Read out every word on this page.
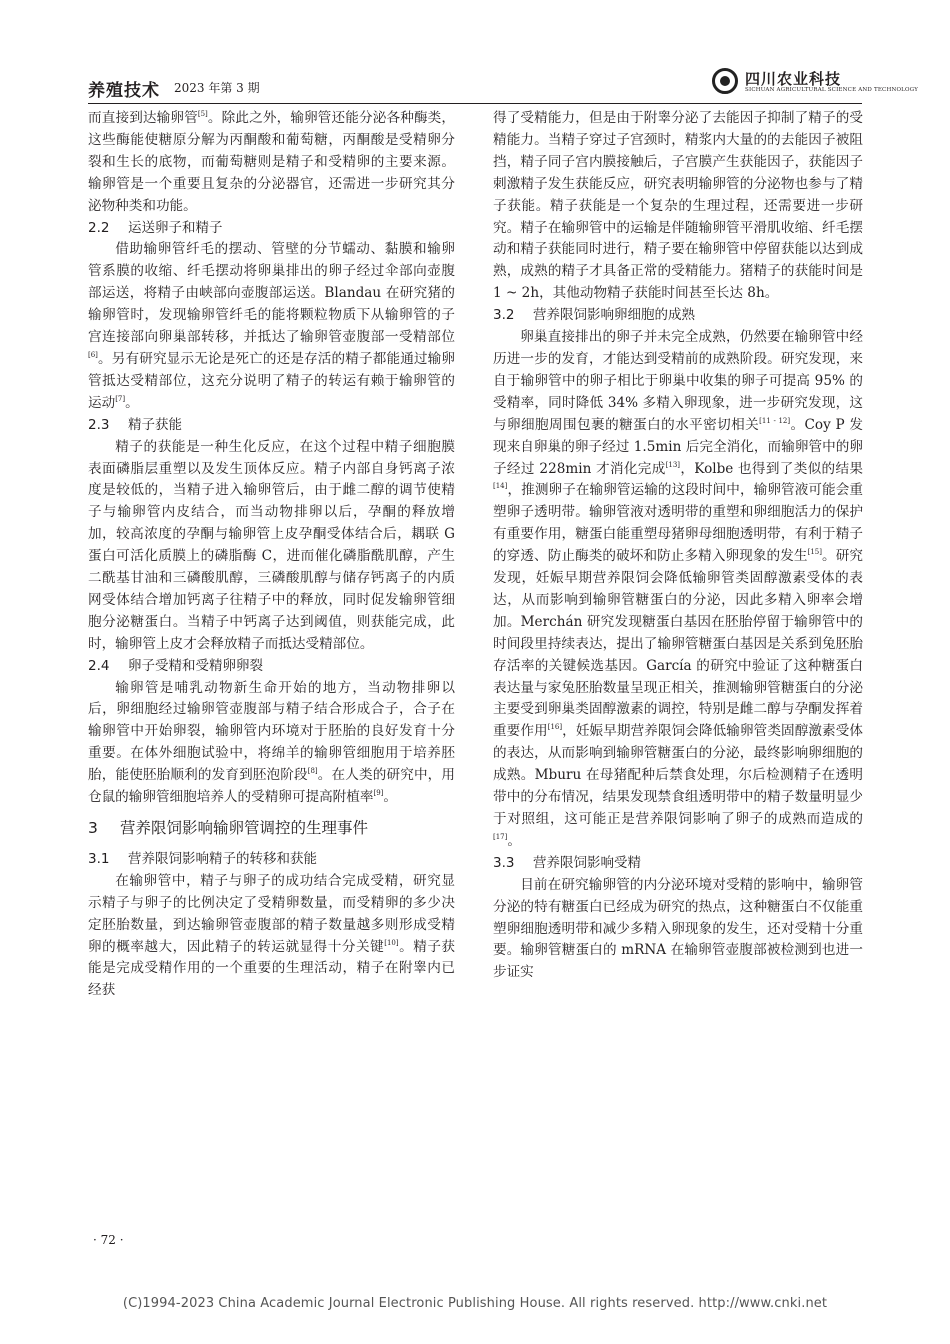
养殖技术 2023 年第 3 期	四川农业科技
SICHUAN AGRICULTURAL SCIENCE AND TECHNOLOGY

而直接到达输卵管[5]。除此之外，输卵管还能分泌各种酶类，这些酶能使糖原分解为丙酮酸和葡萄糖，丙酮酸是受精卵分裂和生长的底物，而葡萄糖则是精子和受精卵的主要来源。输卵管是一个重要且复杂的分泌器官，还需进一步研究其分泌物种类和功能。

2.2 运送卵子和精子

借助输卵管纤毛的摆动、管壁的分节蠕动、黏膜和输卵管系膜的收缩、纤毛摆动将卵巢排出的卵子经过伞部向壶腹部运送，将精子由峡部向壶腹部运送。Blandau 在研究猪的输卵管时，发现输卵管纤毛的能将颗粒物质下从输卵管的子宫连接部向卵巢部转移，并抵达了输卵管壶腹部一受精部位[6]。另有研究显示无论是死亡的还是存活的精子都能通过输卵管抵达受精部位，这充分说明了精子的转运有赖于输卵管的运动[7]。

2.3 精子获能

精子的获能是一种生化反应，在这个过程中精子细胞膜表面磷脂层重塑以及发生顶体反应。精子内部自身钙离子浓度是较低的，当精子进入输卵管后，由于雌二醇的调节使精子与输卵管内皮结合，而当动物排卵以后，孕酮的释放增加，较高浓度的孕酮与输卵管上皮孕酮受体结合后，耦联 G 蛋白可活化质膜上的磷脂酶 C，进而催化磷脂酰肌醇，产生二酰基甘油和三磷酸肌醇，三磷酸肌醇与储存钙离子的内质网受体结合增加钙离子往精子中的释放，同时促发输卵管细胞分泌糖蛋白。当精子中钙离子达到阈值，则获能完成，此时，输卵管上皮才会释放精子而抵达受精部位。

2.4 卵子受精和受精卵卵裂

输卵管是哺乳动物新生命开始的地方，当动物排卵以后，卵细胞经过输卵管壶腹部与精子结合形成合子，合子在输卵管中开始卵裂，输卵管内环境对于胚胎的良好发育十分重要。在体外细胞试验中，将绵羊的输卵管细胞用于培养胚胎，能使胚胎顺利的发育到胚泡阶段[8]。在人类的研究中，用仓鼠的输卵管细胞培养人的受精卵可提高附植率[9]。

3 营养限饲影响输卵管调控的生理事件
3.1 营养限饲影响精子的转移和获能

在输卵管中，精子与卵子的成功结合完成受精，研究显示精子与卵子的比例决定了受精卵数量，而受精卵的多少决定胚胎数量，到达输卵管壶腹部的精子数量越多则形成受精卵的概率越大，因此精子的转运就显得十分关键[10]。精子获能是完成受精作用的一个重要的生理活动，精子在附睾内已经获

得了受精能力，但是由于附睾分泌了去能因子抑制了精子的受精能力。当精子穿过子宫颈时，精浆内大量的的去能因子被阻挡，精子同子宫内膜接触后，子宫膜产生获能因子，获能因子刺激精子发生获能反应，研究表明输卵管的分泌物也参与了精子获能。精子获能是一个复杂的生理过程，还需要进一步研究。精子在输卵管中的运输是伴随输卵管平滑肌收缩、纤毛摆动和精子获能同时进行，精子要在输卵管中停留获能以达到成熟，成熟的精子才具备正常的受精能力。猪精子的获能时间是 1 ~ 2h，其他动物精子获能时间甚至长达 8h。

3.2 营养限饲影响卵细胞的成熟

卵巢直接排出的卵子并未完全成熟，仍然要在输卵管中经历进一步的发育，才能达到受精前的成熟阶段。研究发现，来自于输卵管中的卵子相比于卵巢中收集的卵子可提高 95% 的受精率，同时降低 34% 多精入卵现象，进一步研究发现，这与卵细胞周围包裹的糖蛋白的水平密切相关[11 - 12]。Coy P 发现来自卵巢的卵子经过 1.5min 后完全消化，而输卵管中的卵子经过 228min 才消化完成[13]，Kolbe 也得到了类似的结果[14]，推测卵子在输卵管运输的这段时间中，输卵管液可能会重塑卵子透明带。输卵管液对透明带的重塑和卵细胞活力的保护有重要作用，糖蛋白能重塑母猪卵母细胞透明带，有利于精子的穿透、防止酶类的破坏和防止多精入卵现象的发生[15]。研究发现，妊娠早期营养限饲会降低输卵管类固醇激素受体的表达，从而影响到输卵管糖蛋白的分泌，因此多精入卵率会增加。Merchán 研究发现糖蛋白基因在胚胎停留于输卵管中的时间段里持续表达，提出了输卵管糖蛋白基因是关系到兔胚胎存活率的关键候选基因。García 的研究中验证了这种糖蛋白表达量与家兔胚胎数量呈现正相关，推测输卵管糖蛋白的分泌主要受到卵巢类固醇激素的调控，特别是雌二醇与孕酮发挥着重要作用[16]，妊娠早期营养限饲会降低输卵管类固醇激素受体的表达，从而影响到输卵管糖蛋白的分泌，最终影响卵细胞的成熟。Mburu 在母猪配种后禁食处理，尔后检测精子在透明带中的分布情况，结果发现禁食组透明带中的精子数量明显少于对照组，这可能正是营养限饲影响了卵子的成熟而造成的[17]。

3.3 营养限饲影响受精

目前在研究输卵管的内分泌环境对受精的影响中，输卵管分泌的特有糖蛋白已经成为研究的热点，这种糖蛋白不仅能重塑卵细胞透明带和减少多精入卵现象的发生，还对受精十分重要。输卵管糖蛋白的 mRNA 在输卵管壶腹部被检测到也进一步证实

· 72 ·
(C)1994-2023 China Academic Journal Electronic Publishing House. All rights reserved. http://www.cnki.net
